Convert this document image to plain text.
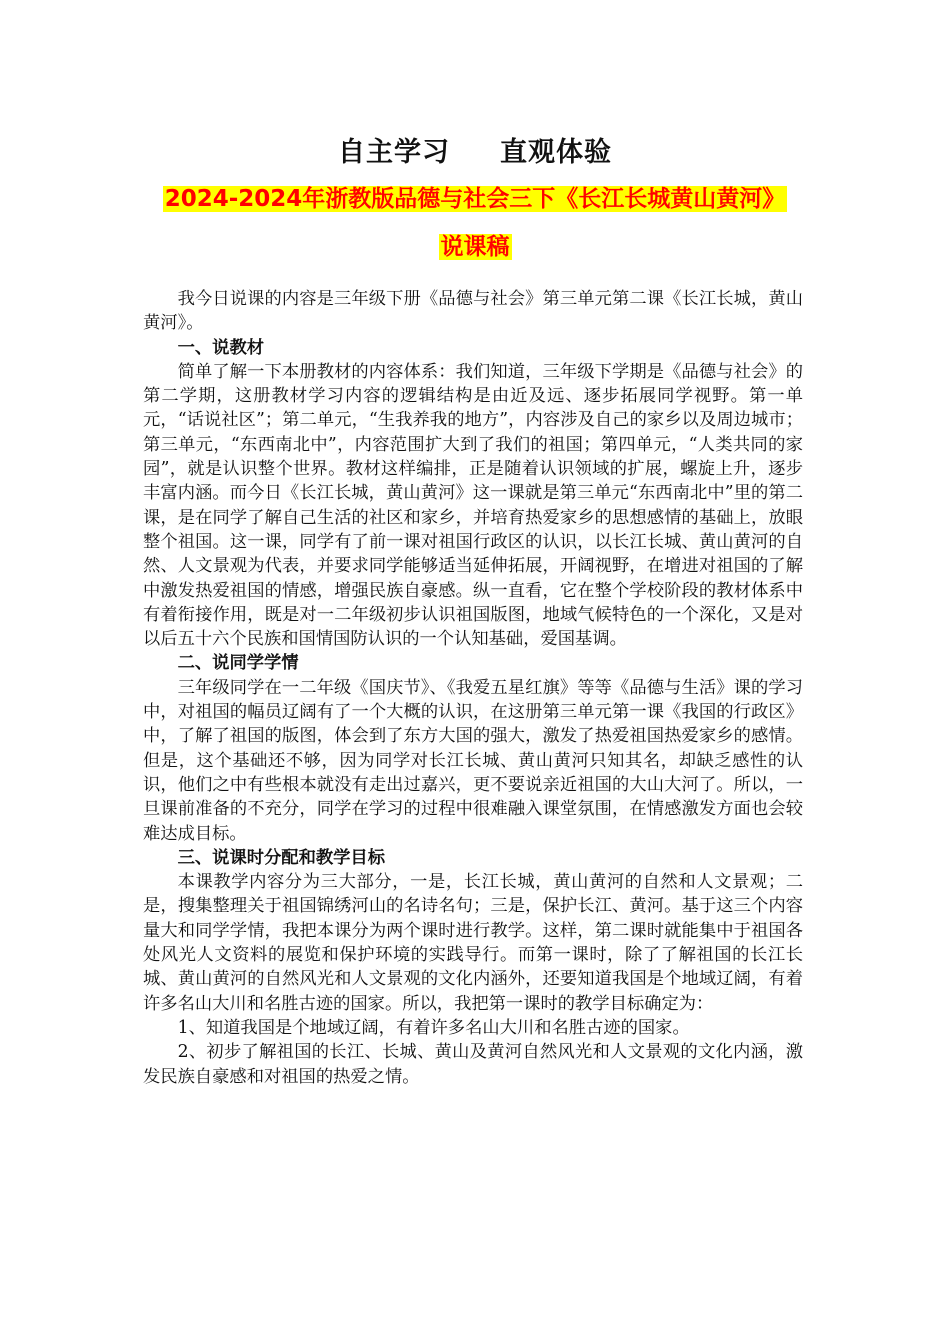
自主学习 直观体验
2024-2024年浙教版品德与社会三下《长江长城黄山黄河》
说课稿

我今日说课的内容是三年级下册《品德与社会》第三单元第二课《长江长城，黄山黄河》。

一、说教材

简单了解一下本册教材的内容体系：我们知道，三年级下学期是《品德与社会》的第二学期，这册教材学习内容的逻辑结构是由近及远、逐步拓展同学视野。第一单元，“话说社区”；第二单元，“生我养我的地方”，内容涉及自己的家乡以及周边城市；第三单元，“东西南北中”，内容范围扩大到了我们的祖国；第四单元，“人类共同的家园”，就是认识整个世界。教材这样编排，正是随着认识领域的扩展，螺旋上升，逐步丰富内涵。而今日《长江长城，黄山黄河》这一课就是第三单元“东西南北中”里的第二课，是在同学了解自己生活的社区和家乡，并培育热爱家乡的思想感情的基础上，放眼整个祖国。这一课，同学有了前一课对祖国行政区的认识，以长江长城、黄山黄河的自然、人文景观为代表，并要求同学能够适当延伸拓展，开阔视野，在增进对祖国的了解中激发热爱祖国的情感，增强民族自豪感。纵一直看，它在整个学校阶段的教材体系中有着衔接作用，既是对一二年级初步认识祖国版图，地域气候特色的一个深化，又是对以后五十六个民族和国情国防认识的一个认知基础，爱国基调。

二、说同学学情

三年级同学在一二年级《国庆节》、《我爱五星红旗》等等《品德与生活》课的学习中，对祖国的幅员辽阔有了一个大概的认识，在这册第三单元第一课《我国的行政区》中，了解了祖国的版图，体会到了东方大国的强大，激发了热爱祖国热爱家乡的感情。但是，这个基础还不够，因为同学对长江长城、黄山黄河只知其名，却缺乏感性的认识，他们之中有些根本就没有走出过嘉兴，更不要说亲近祖国的大山大河了。所以，一旦课前准备的不充分，同学在学习的过程中很难融入课堂氛围，在情感激发方面也会较难达成目标。

三、说课时分配和教学目标

本课教学内容分为三大部分，一是，长江长城，黄山黄河的自然和人文景观；二是，搜集整理关于祖国锦绣河山的名诗名句；三是，保护长江、黄河。基于这三个内容量大和同学学情，我把本课分为两个课时进行教学。这样，第二课时就能集中于祖国各处风光人文资料的展览和保护环境的实践导行。而第一课时，除了了解祖国的长江长城、黄山黄河的自然风光和人文景观的文化内涵外，还要知道我国是个地域辽阔，有着许多名山大川和名胜古迹的国家。所以，我把第一课时的教学目标确定为：

1、知道我国是个地域辽阔，有着许多名山大川和名胜古迹的国家。

2、初步了解祖国的长江、长城、黄山及黄河自然风光和人文景观的文化内涵，激发民族自豪感和对祖国的热爱之情。
